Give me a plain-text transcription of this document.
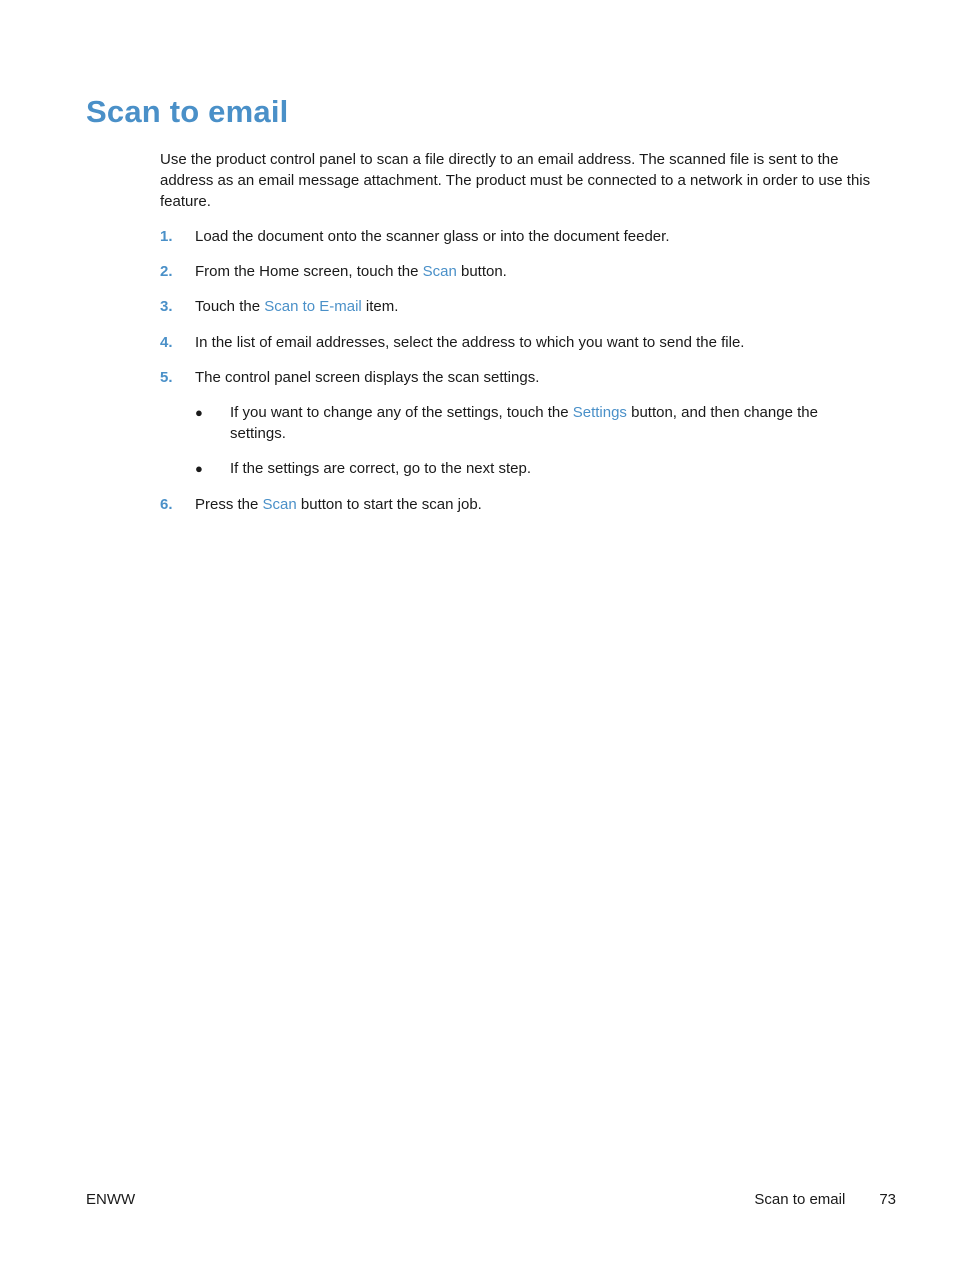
Scan to email

Use the product control panel to scan a file directly to an email address. The scanned file is sent to the address as an email message attachment. The product must be connected to a network in order to use this feature.

1. Load the document onto the scanner glass or into the document feeder.
2. From the Home screen, touch the Scan button.
3. Touch the Scan to E-mail item.
4. In the list of email addresses, select the address to which you want to send the file.
5. The control panel screen displays the scan settings.
● If you want to change any of the settings, touch the Settings button, and then change the settings.
● If the settings are correct, go to the next step.
6. Press the Scan button to start the scan job.
ENWW	Scan to email 73
